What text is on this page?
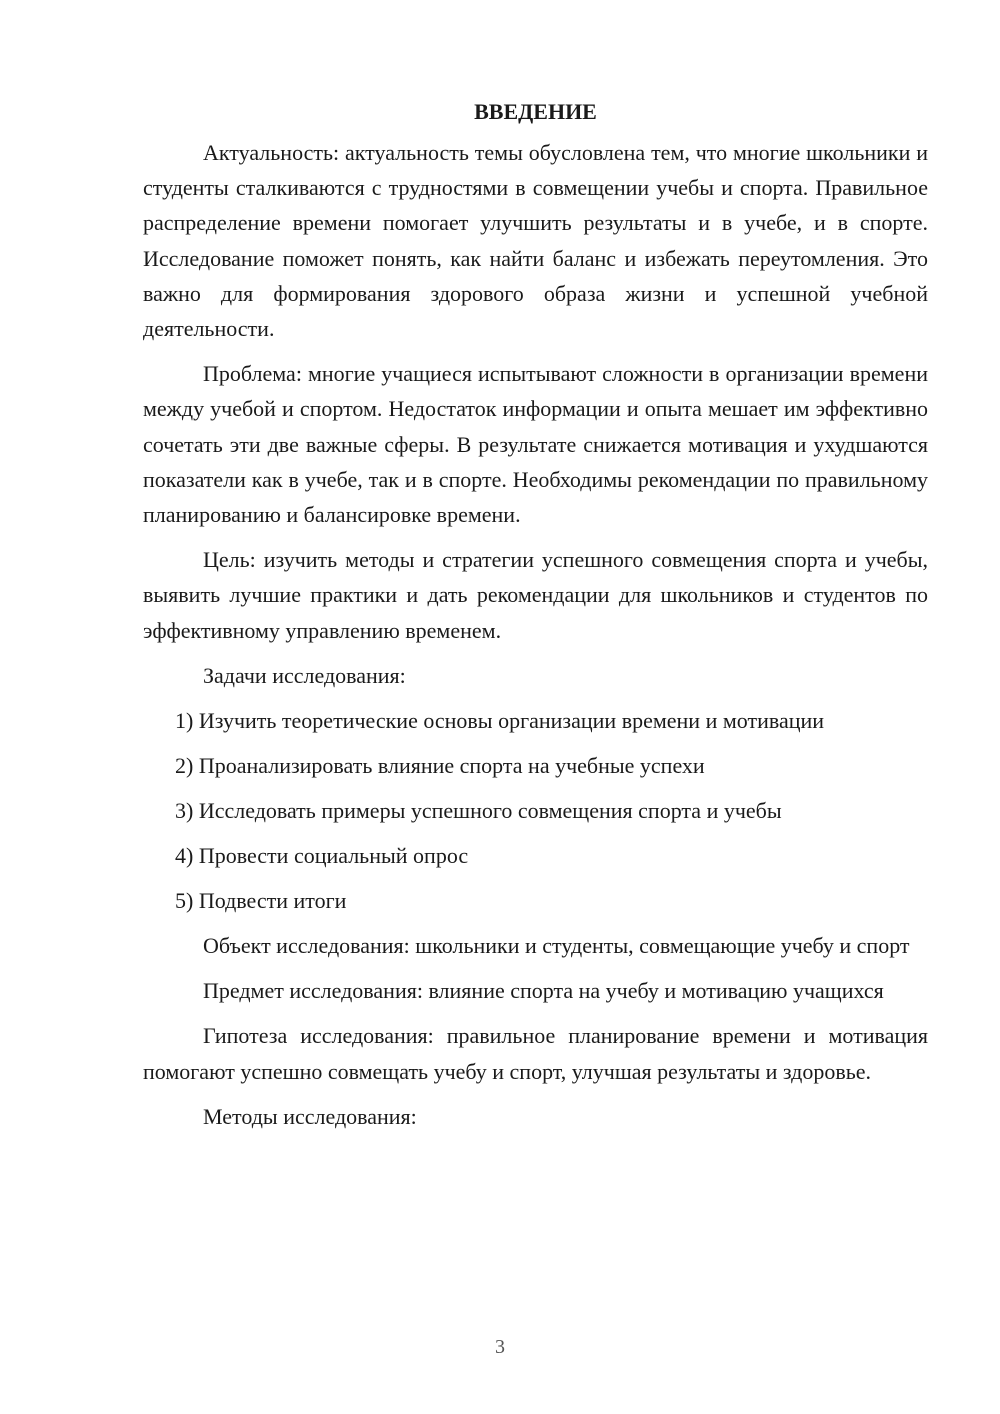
ВВЕДЕНИЕ

Актуальность: актуальность темы обусловлена тем, что многие школьники и студенты сталкиваются с трудностями в совмещении учебы и спорта. Правильное распределение времени помогает улучшить результаты и в учебе, и в спорте. Исследование поможет понять, как найти баланс и избежать переутомления. Это важно для формирования здорового образа жизни и успешной учебной деятельности.

Проблема: многие учащиеся испытывают сложности в организации времени между учебой и спортом. Недостаток информации и опыта мешает им эффективно сочетать эти две важные сферы. В результате снижается мотивация и ухудшаются показатели как в учебе, так и в спорте. Необходимы рекомендации по правильному планированию и балансировке времени.

Цель: изучить методы и стратегии успешного совмещения спорта и учебы, выявить лучшие практики и дать рекомендации для школьников и студентов по эффективному управлению временем.

Задачи исследования:

1) Изучить теоретические основы организации времени и мотивации
2) Проанализировать влияние спорта на учебные успехи
3) Исследовать примеры успешного совмещения спорта и учебы
4) Провести социальный опрос
5) Подвести итоги

Объект исследования: школьники и студенты, совмещающие учебу и спорт

Предмет исследования: влияние спорта на учебу и мотивацию учащихся

Гипотеза исследования: правильное планирование времени и мотивация помогают успешно совмещать учебу и спорт, улучшая результаты и здоровье.

Методы исследования:

3
